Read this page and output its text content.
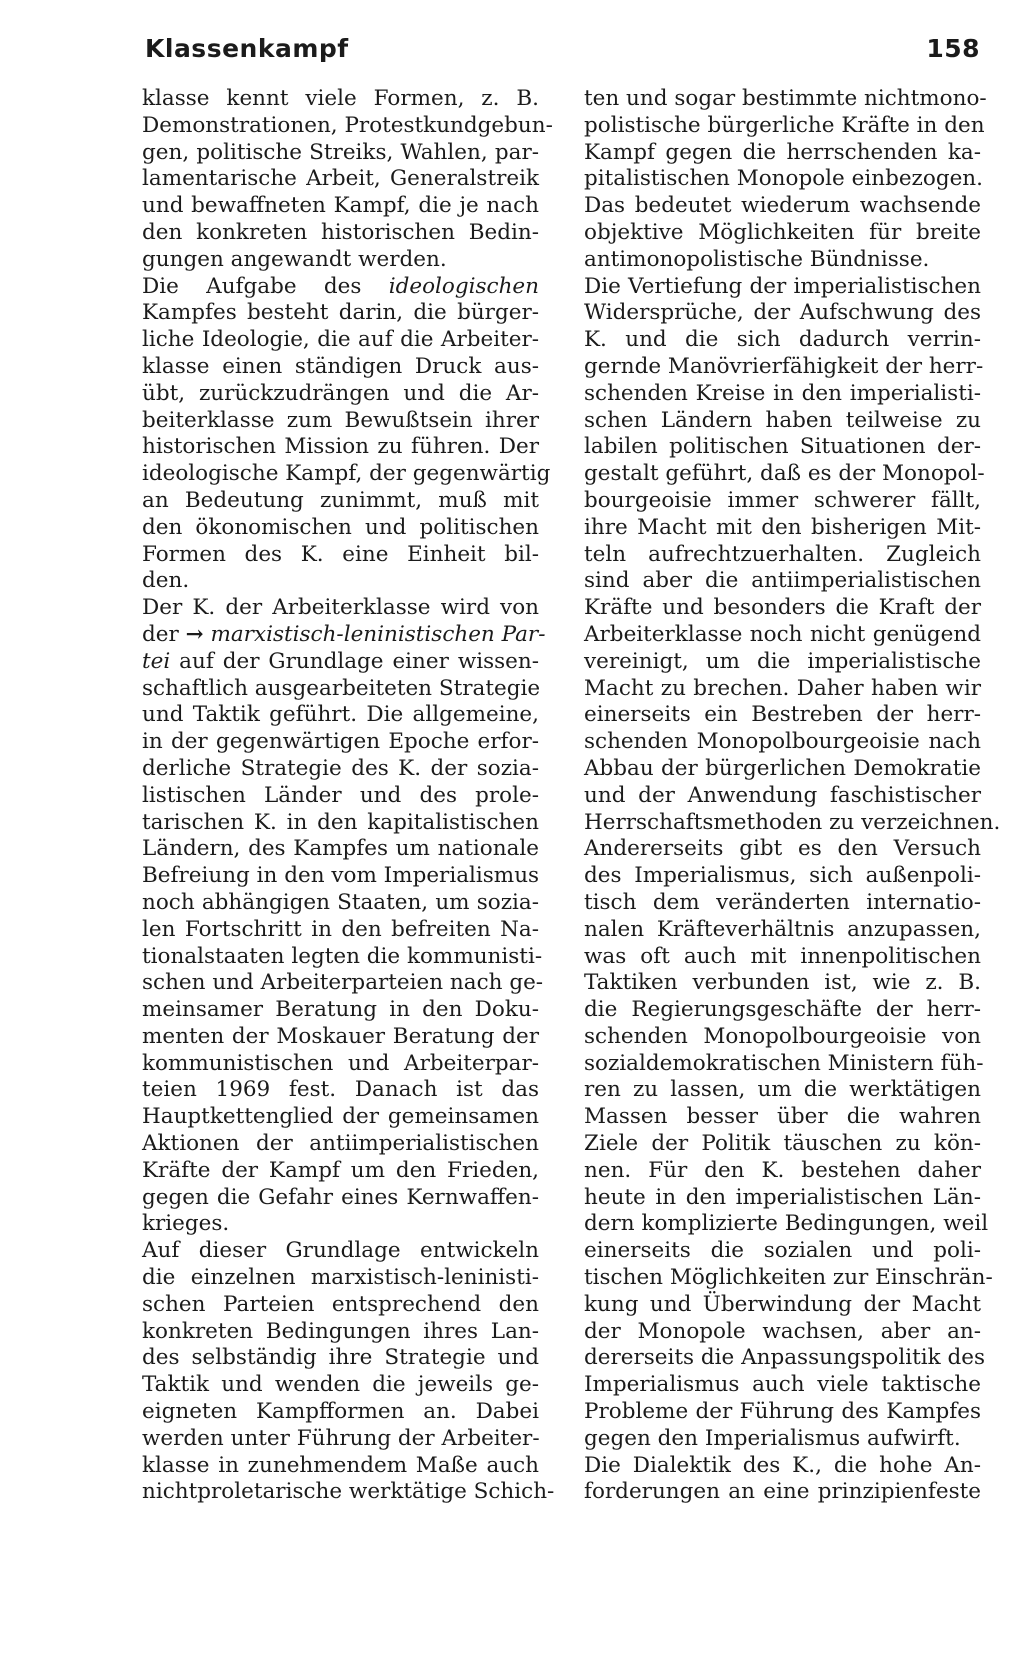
Klassenkampf	158
klasse kennt viele Formen, z. B.
Demonstrationen, Protestkundgebun-
gen, politische Streiks, Wahlen, par-
lamentarische Arbeit, Generalstreik
und bewaffneten Kampf, die je nach
den konkreten historischen Bedin-
gungen angewandt werden.
Die Aufgabe des ideologischen
Kampfes besteht darin, die bürger-
liche Ideologie, die auf die Arbeiter-
klasse einen ständigen Druck aus-
übt, zurückzudrängen und die Ar-
beiterklasse zum Bewußtsein ihrer
historischen Mission zu führen. Der
ideologische Kampf, der gegenwärtig
an Bedeutung zunimmt, muß mit
den ökonomischen und politischen
Formen des K. eine Einheit bil-
den.
Der K. der Arbeiterklasse wird von
der → marxistisch-leninistischen Par-
tei auf der Grundlage einer wissen-
schaftlich ausgearbeiteten Strategie
und Taktik geführt. Die allgemeine,
in der gegenwärtigen Epoche erfor-
derliche Strategie des K. der sozia-
listischen Länder und des prole-
tarischen K. in den kapitalistischen
Ländern, des Kampfes um nationale
Befreiung in den vom Imperialismus
noch abhängigen Staaten, um sozia-
len Fortschritt in den befreiten Na-
tionalstaaten legten die kommunisti-
schen und Arbeiterparteien nach ge-
meinsamer Beratung in den Doku-
menten der Moskauer Beratung der
kommunistischen und Arbeiterpar-
teien 1969 fest. Danach ist das
Hauptkettenglied der gemeinsamen
Aktionen der antiimperialistischen
Kräfte der Kampf um den Frieden,
gegen die Gefahr eines Kernwaffen-
krieges.
Auf dieser Grundlage entwickeln
die einzelnen marxistisch-leninisti-
schen Parteien entsprechend den
konkreten Bedingungen ihres Lan-
des selbständig ihre Strategie und
Taktik und wenden die jeweils ge-
eigneten Kampfformen an. Dabei
werden unter Führung der Arbeiter-
klasse in zunehmendem Maße auch
nichtproletarische werktätige Schich-
ten und sogar bestimmte nichtmono-
polistische bürgerliche Kräfte in den
Kampf gegen die herrschenden ka-
pitalistischen Monopole einbezogen.
Das bedeutet wiederum wachsende
objektive Möglichkeiten für breite
antimonopolistische Bündnisse.
Die Vertiefung der imperialistischen
Widersprüche, der Aufschwung des
K. und die sich dadurch verrin-
gernde Manövrierfähigkeit der herr-
schenden Kreise in den imperialisti-
schen Ländern haben teilweise zu
labilen politischen Situationen der-
gestalt geführt, daß es der Monopol-
bourgeoisie immer schwerer fällt,
ihre Macht mit den bisherigen Mit-
teln aufrechtzuerhalten. Zugleich
sind aber die antiimperialistischen
Kräfte und besonders die Kraft der
Arbeiterklasse noch nicht genügend
vereinigt, um die imperialistische
Macht zu brechen. Daher haben wir
einerseits ein Bestreben der herr-
schenden Monopolbourgeoisie nach
Abbau der bürgerlichen Demokratie
und der Anwendung faschistischer
Herrschaftsmethoden zu verzeichnen.
Andererseits gibt es den Versuch
des Imperialismus, sich außenpoli-
tisch dem veränderten internatio-
nalen Kräfteverhältnis anzupassen,
was oft auch mit innenpolitischen
Taktiken verbunden ist, wie z. B.
die Regierungsgeschäfte der herr-
schenden Monopolbourgeoisie von
sozialdemokratischen Ministern füh-
ren zu lassen, um die werktätigen
Massen besser über die wahren
Ziele der Politik täuschen zu kön-
nen. Für den K. bestehen daher
heute in den imperialistischen Län-
dern komplizierte Bedingungen, weil
einerseits die sozialen und poli-
tischen Möglichkeiten zur Einschrän-
kung und Überwindung der Macht
der Monopole wachsen, aber an-
dererseits die Anpassungspolitik des
Imperialismus auch viele taktische
Probleme der Führung des Kampfes
gegen den Imperialismus aufwirft.
Die Dialektik des K., die hohe An-
forderungen an eine prinzipienfeste
